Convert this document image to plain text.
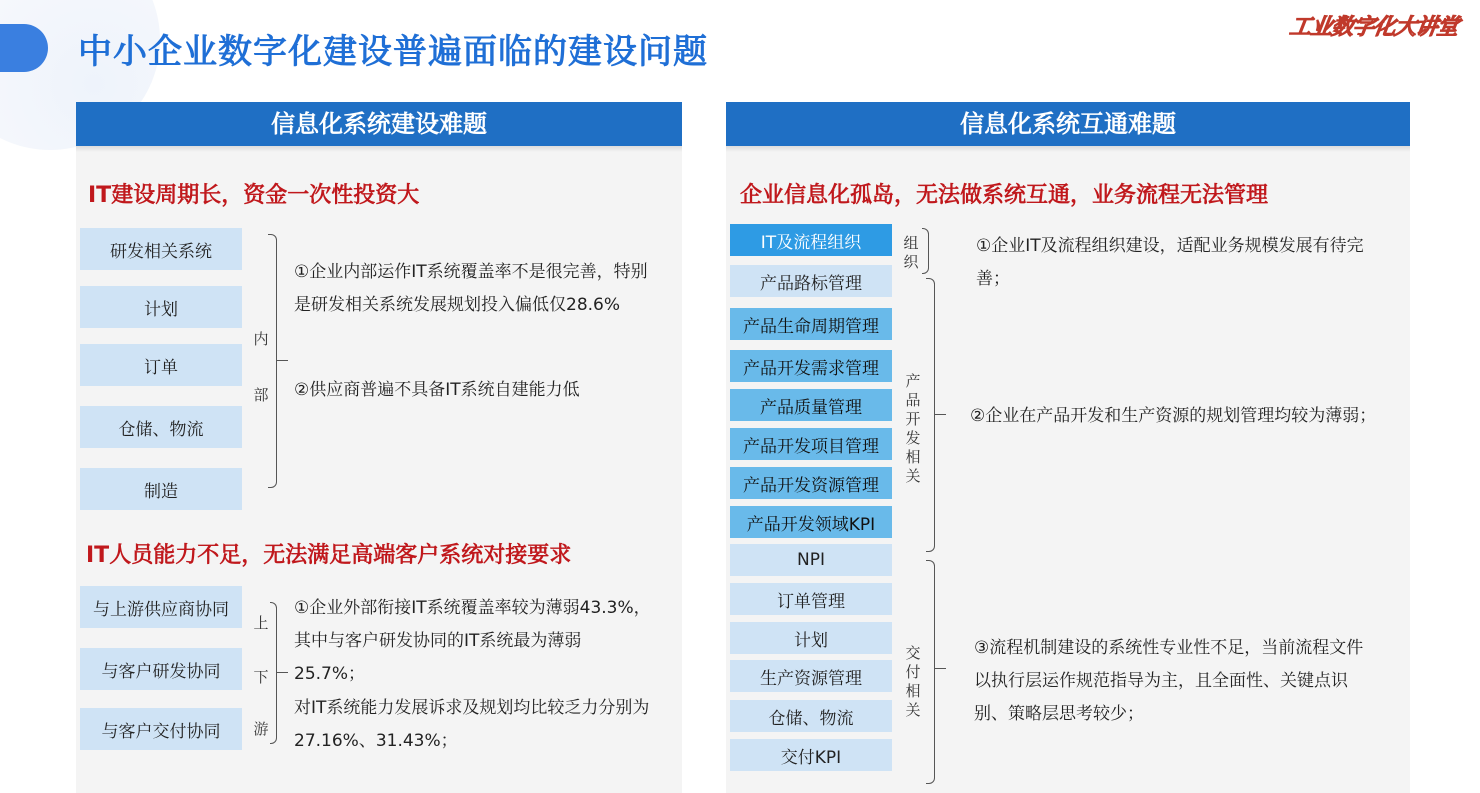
中小企业数字化建设普遍面临的建设问题
工业数字化大讲堂
信息化系统建设难题
IT建设周期长，资金一次性投资大
研发相关系统
计划
订单
仓储、物流
制造
内
部
①企业内部运作IT系统覆盖率不是很完善，特别是研发相关系统发展规划投入偏低仅28.6%
②供应商普遍不具备IT系统自建能力低
IT人员能力不足，无法满足高端客户系统对接要求
与上游供应商协同
与客户研发协同
与客户交付协同
上
下
游
①企业外部衔接IT系统覆盖率较为薄弱43.3%，其中与客户研发协同的IT系统最为薄弱 25.7%；
对IT系统能力发展诉求及规划均比较乏力分别为27.16%、31.43%；
信息化系统互通难题
企业信息化孤岛，无法做系统互通，业务流程无法管理
IT及流程组织	组织
①企业IT及流程组织建设，适配业务规模发展有待完善；
产品路标管理
产品生命周期管理
产品开发需求管理
产品质量管理
产品开发项目管理
产品开发资源管理
产品开发领域KPI
产品开发相关
②企业在产品开发和生产资源的规划管理均较为薄弱；
NPI
订单管理
计划
生产资源管理
仓储、物流
交付KPI
交付相关
③流程机制建设的系统性专业性不足，当前流程文件以执行层运作规范指导为主，且全面性、关键点识别、策略层思考较少；
